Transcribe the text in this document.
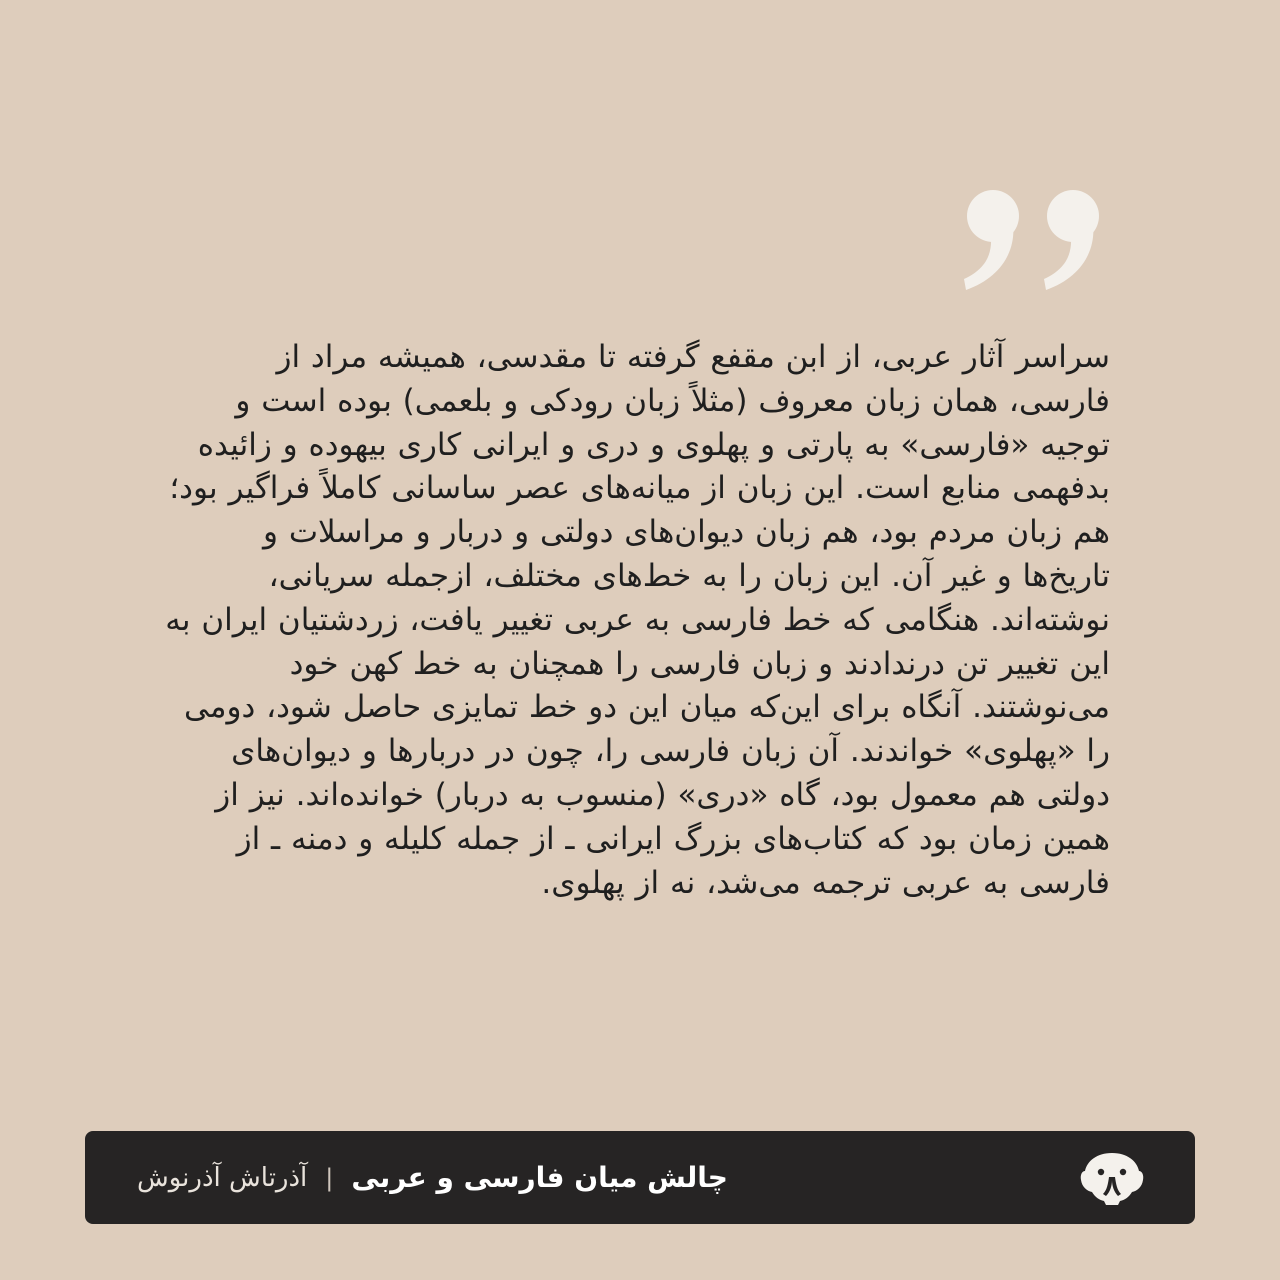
سراسر آثار عربی، از ابن مقفع گرفته تا مقدسی، همیشه مراد از فارسی، همان زبان معروف (مثلاً زبان رودکی و بلعمی) بوده است و توجیه «فارسی» به پارتی و پهلوی و دری و ایرانی کاری بیهوده و زائیده بدفهمی منابع است. این زبان از میانه‌های عصر ساسانی کاملاً فراگیر بود؛ هم زبان مردم بود، هم زبان دیوان‌های دولتی و دربار و مراسلات و تاریخ‌ها و غیر آن. این زبان را به خط‌های مختلف، ازجمله سریانی، نوشته‌اند. هنگامی که خط فارسی به عربی تغییر یافت، زردشتیان ایران به این تغییر تن درندادند و زبان فارسی را همچنان به خط کهن خود می‌نوشتند. آنگاه برای این‌که میان این دو خط تمایزی حاصل شود، دومی را «پهلوی» خواندند. آن زبان فارسی را، چون در دربارها و دیوان‌های دولتی هم معمول بود، گاه «دری» (منسوب به دربار) خوانده‌اند. نیز از همین زمان بود که کتاب‌های بزرگ ایرانی ـ از جمله کلیله و دمنه ـ از فارسی به عربی ترجمه می‌شد، نه از پهلوی.

چالش میان فارسی و عربی
|
آذرتاش آذرنوش
